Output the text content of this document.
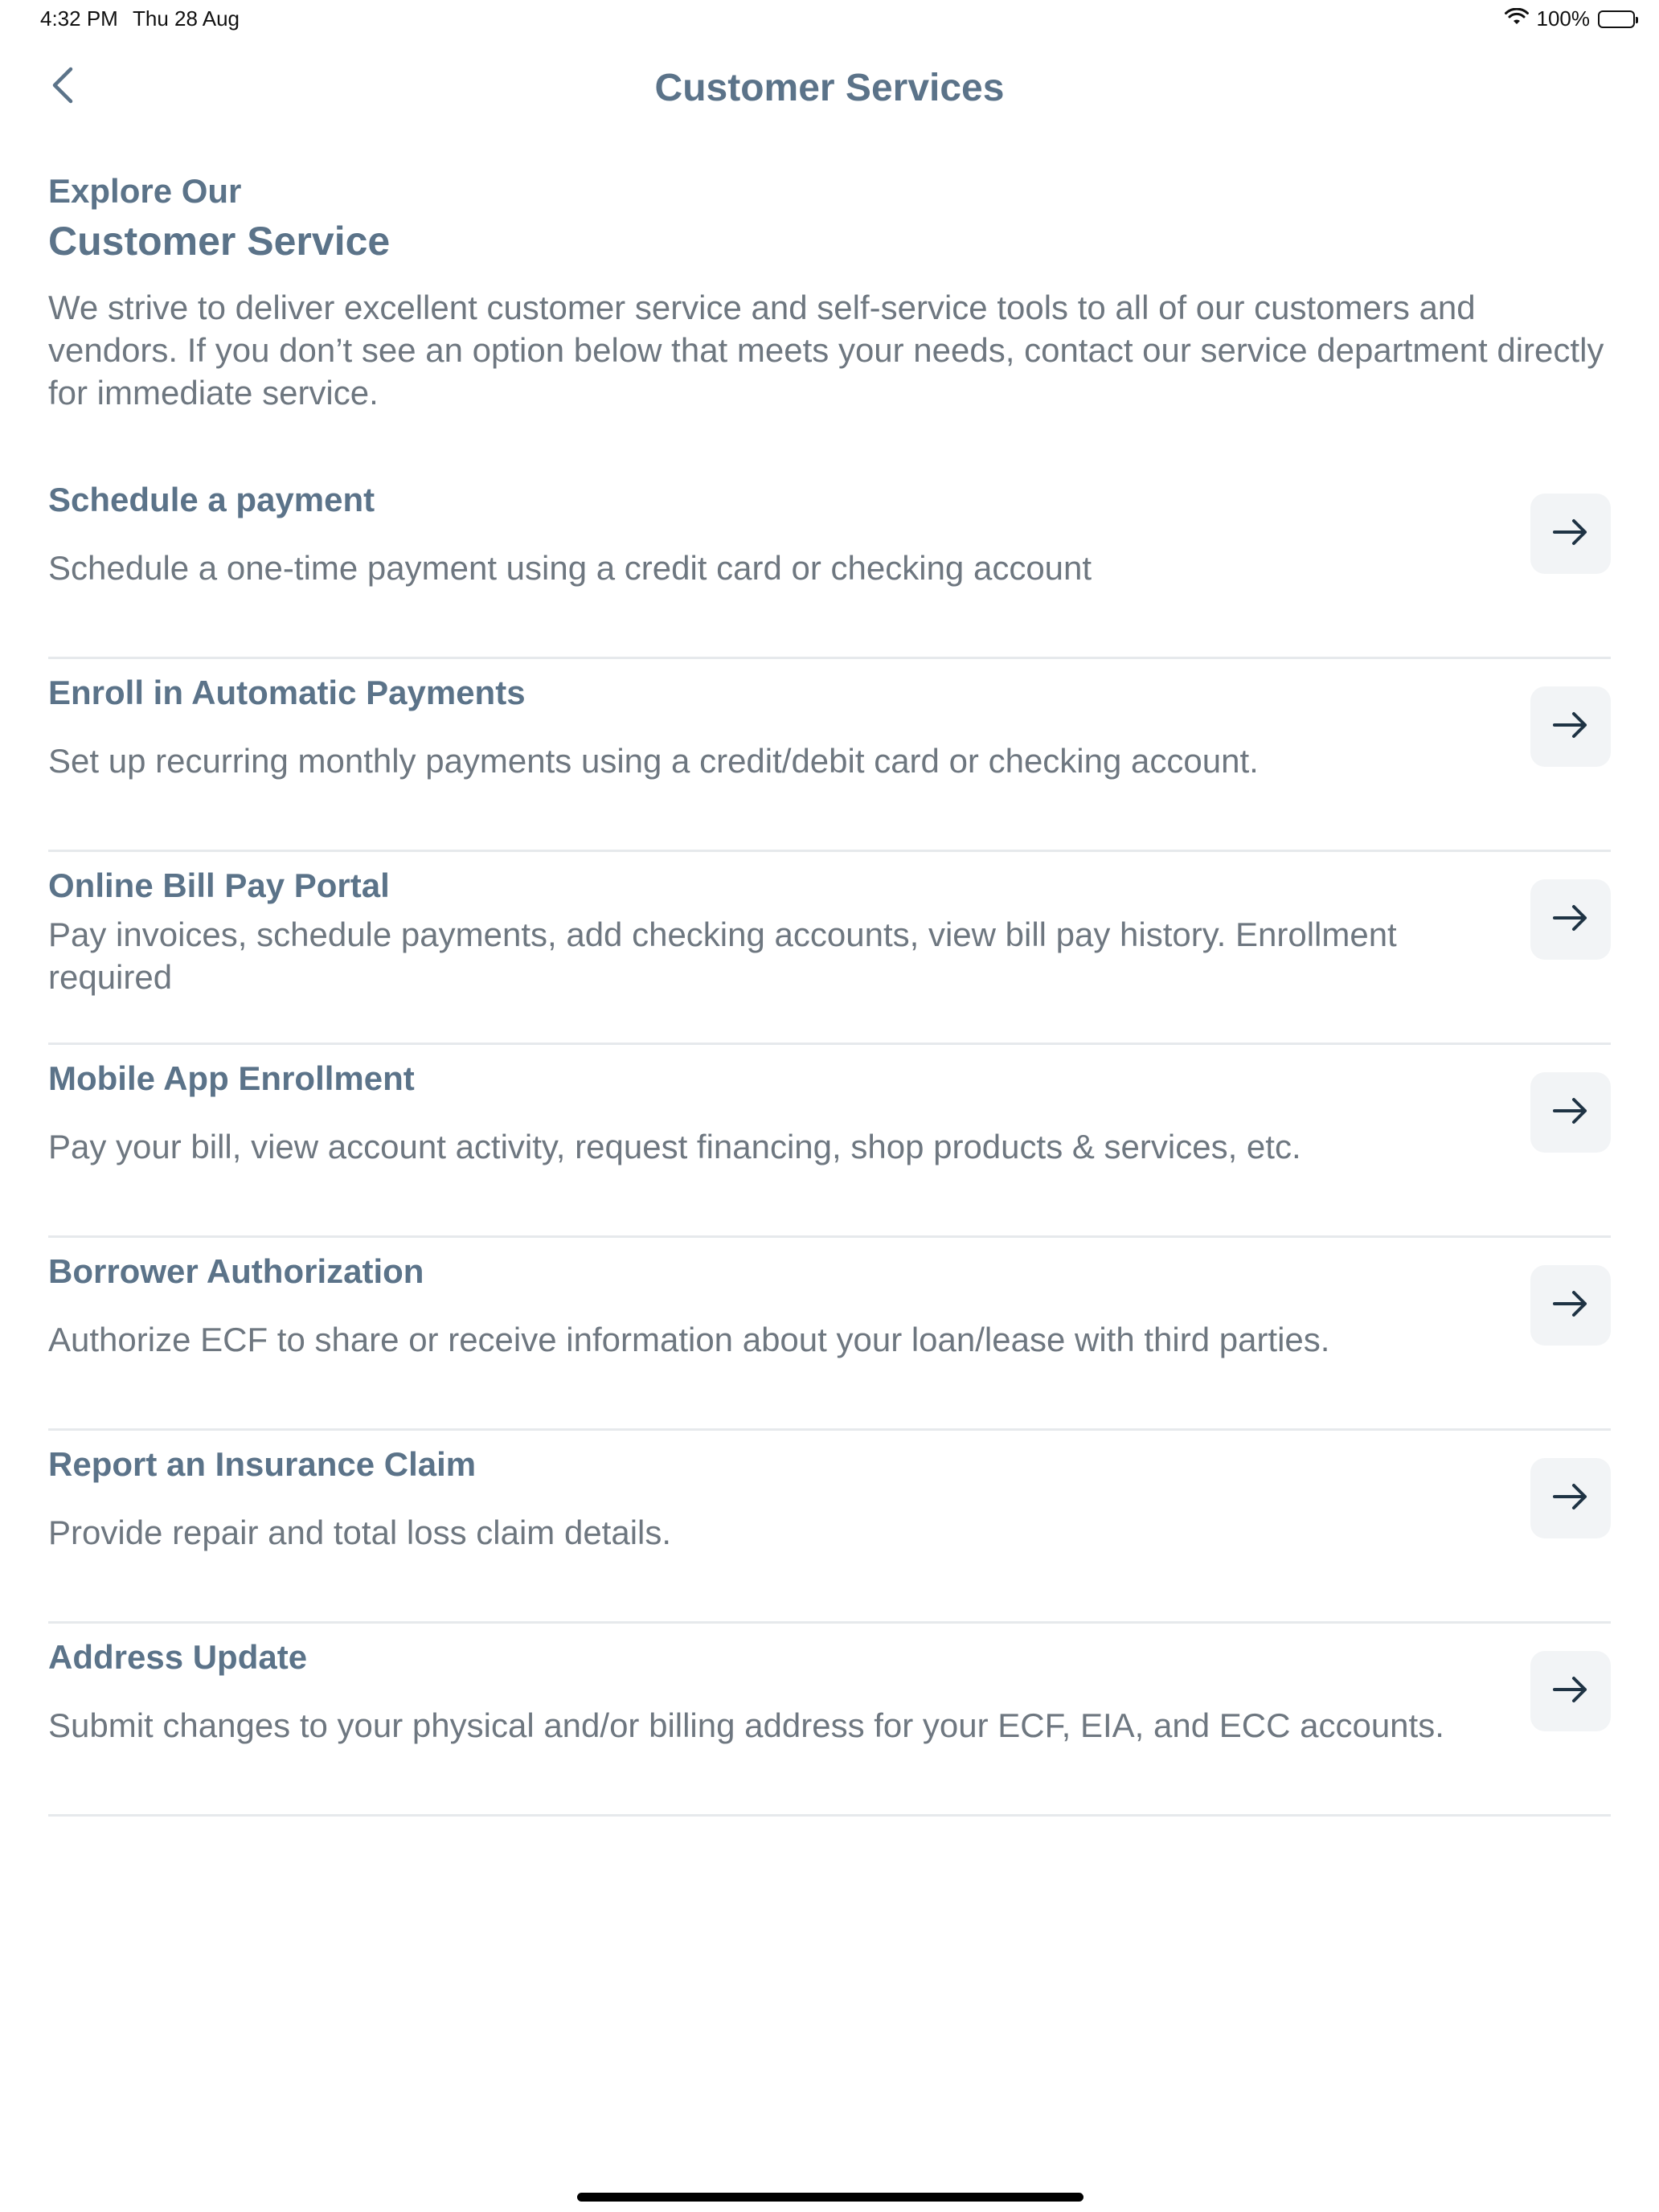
4:32 PM Thu 28 Aug	100%
Customer Services
Explore Our
Customer Service
We strive to deliver excellent customer service and self-service tools to all of our customers and vendors. If you don’t see an option below that meets your needs, contact our service department directly for immediate service.
Schedule a payment
Schedule a one-time payment using a credit card or checking account
Enroll in Automatic Payments
Set up recurring monthly payments using a credit/debit card or checking account.
Online Bill Pay Portal
Pay invoices, schedule payments, add checking accounts, view bill pay history. Enrollment required
Mobile App Enrollment
Pay your bill, view account activity, request financing, shop products & services, etc.
Borrower Authorization
Authorize ECF to share or receive information about your loan/lease with third parties.
Report an Insurance Claim
Provide repair and total loss claim details.
Address Update
Submit changes to your physical and/or billing address for your ECF, EIA, and ECC accounts.
